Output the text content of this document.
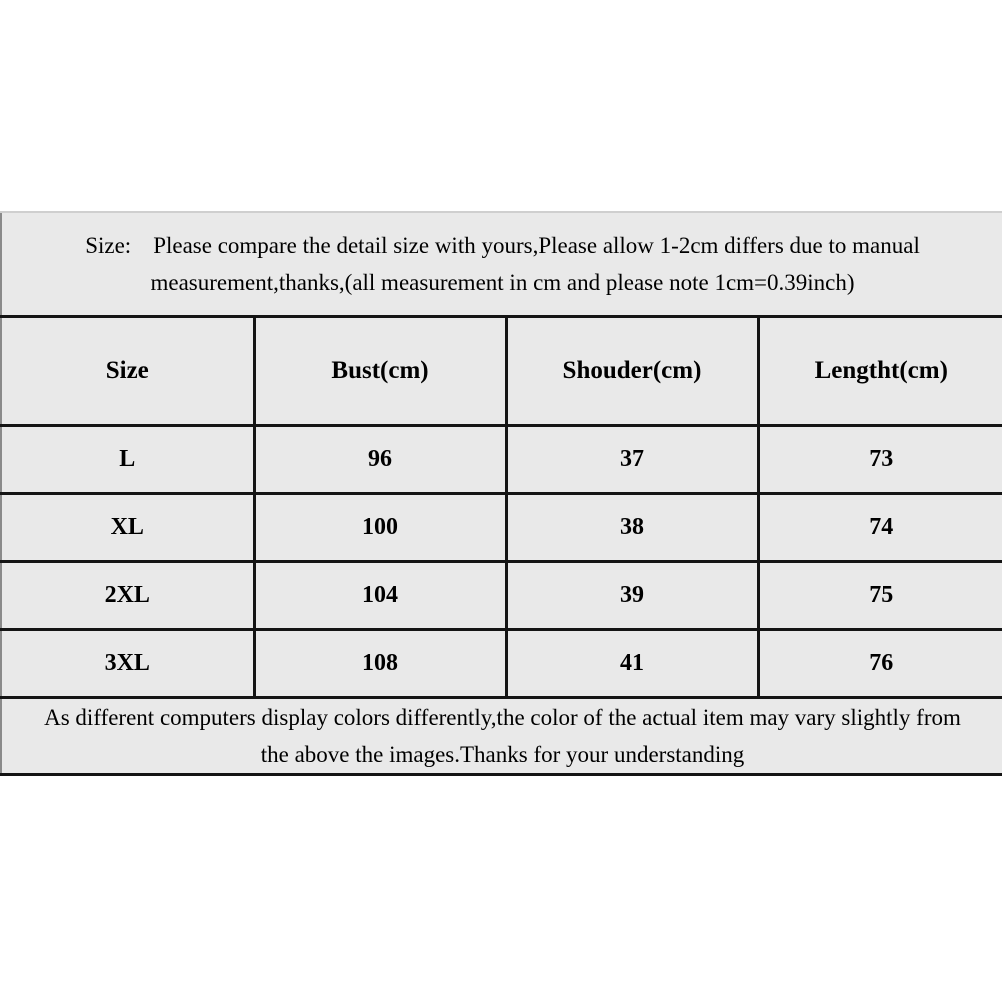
Size: Please compare the detail size with yours,Please allow 1-2cm differs due to manual
measurement,thanks,(all measurement in cm and please note 1cm=0.39inch)			

Size	Bust(cm)	Shouder(cm)	Lengtht(cm)
L	96	37	73
XL	100	38	74
2XL	104	39	75
3XL	108	41	76

As different computers display colors differently,the color of the actual item may vary slightly from
the above the images.Thanks for your understanding			
